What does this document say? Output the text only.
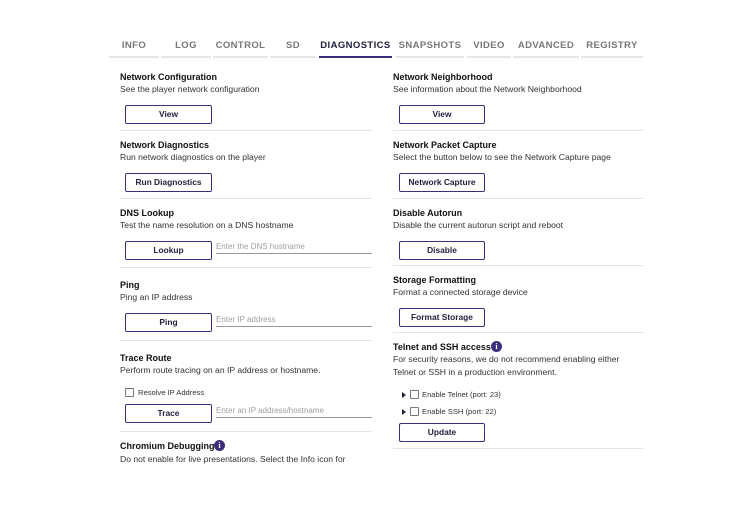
INFO	LOG	CONTROL	SD	DIAGNOSTICS SNAPSHOTS	VIDEO	ADVANCED	REGISTRY
Network Configuration
See the player network configuration
View
Network Diagnostics
Run network diagnostics on the player
Run Diagnostics
DNS Lookup
Test the name resolution on a DNS hostname
Lookup
Enter the DNS hostname
Ping
Ping an IP address
Ping
Enter IP address
Trace Route
Perform route tracing on an IP address or hostname.
Resolve IP Address
Trace
Enter an IP address/hostname
Chromium Debugging i
Do not enable for live presentations. Select the Info icon for
Network Neighborhood
See information about the Network Neighborhood
View
Network Packet Capture
Select the button below to see the Network Capture page
Network Capture
Disable Autorun
Disable the current autorun script and reboot
Disable
Storage Formatting
Format a connected storage device
Format Storage
Telnet and SSH access i
For security reasons, we do not recommend enabling either
Telnet or SSH in a production environment.
Enable Telnet (port: 23)
Enable SSH (port: 22)
Update
